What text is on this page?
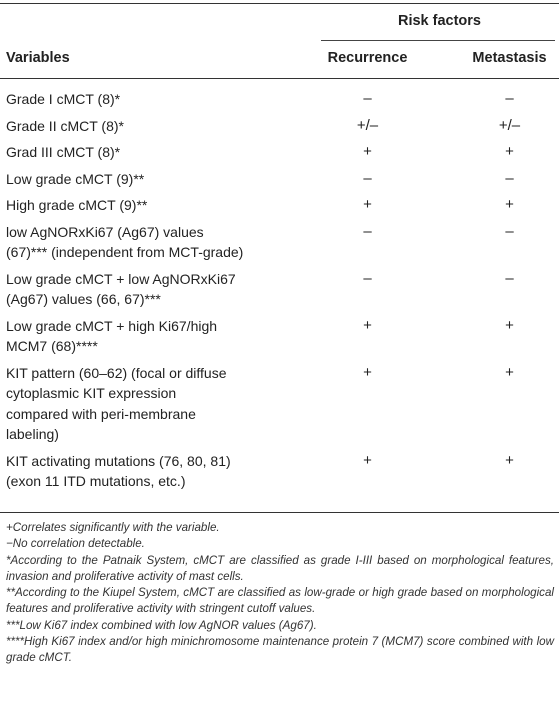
Risk factors
Variables	Recurrence	Metastasis
Grade I cMCT (8)*	–	–
Grade II cMCT (8)*	+/–	+/–
Grad III cMCT (8)*	+	+
Low grade cMCT (9)**	–	–
High grade cMCT (9)**	+	+
low AgNORxKi67 (Ag67) values
(67)*** (independent from MCT-grade)
–	–
Low grade cMCT + low AgNORxKi67
(Ag67) values (66, 67)***
–	–
Low grade cMCT + high Ki67/high
MCM7 (68)****
+	+
KIT pattern (60–62) (focal or diffuse
cytoplasmic KIT expression
compared with peri-membrane
labeling)
+	+
KIT activating mutations (76, 80, 81)
(exon 11 ITD mutations, etc.)
+	+

+Correlates significantly with the variable.

−No correlation detectable.

*According to the Patnaik System, cMCT are classified as grade I-III based on morphological features, invasion and proliferative activity of mast cells.

**According to the Kiupel System, cMCT are classified as low-grade or high grade based on morphological features and proliferative activity with stringent cutoff values.

***Low Ki67 index combined with low AgNOR values (Ag67).

****High Ki67 index and/or high minichromosome maintenance protein 7 (MCM7) score combined with low grade cMCT.
